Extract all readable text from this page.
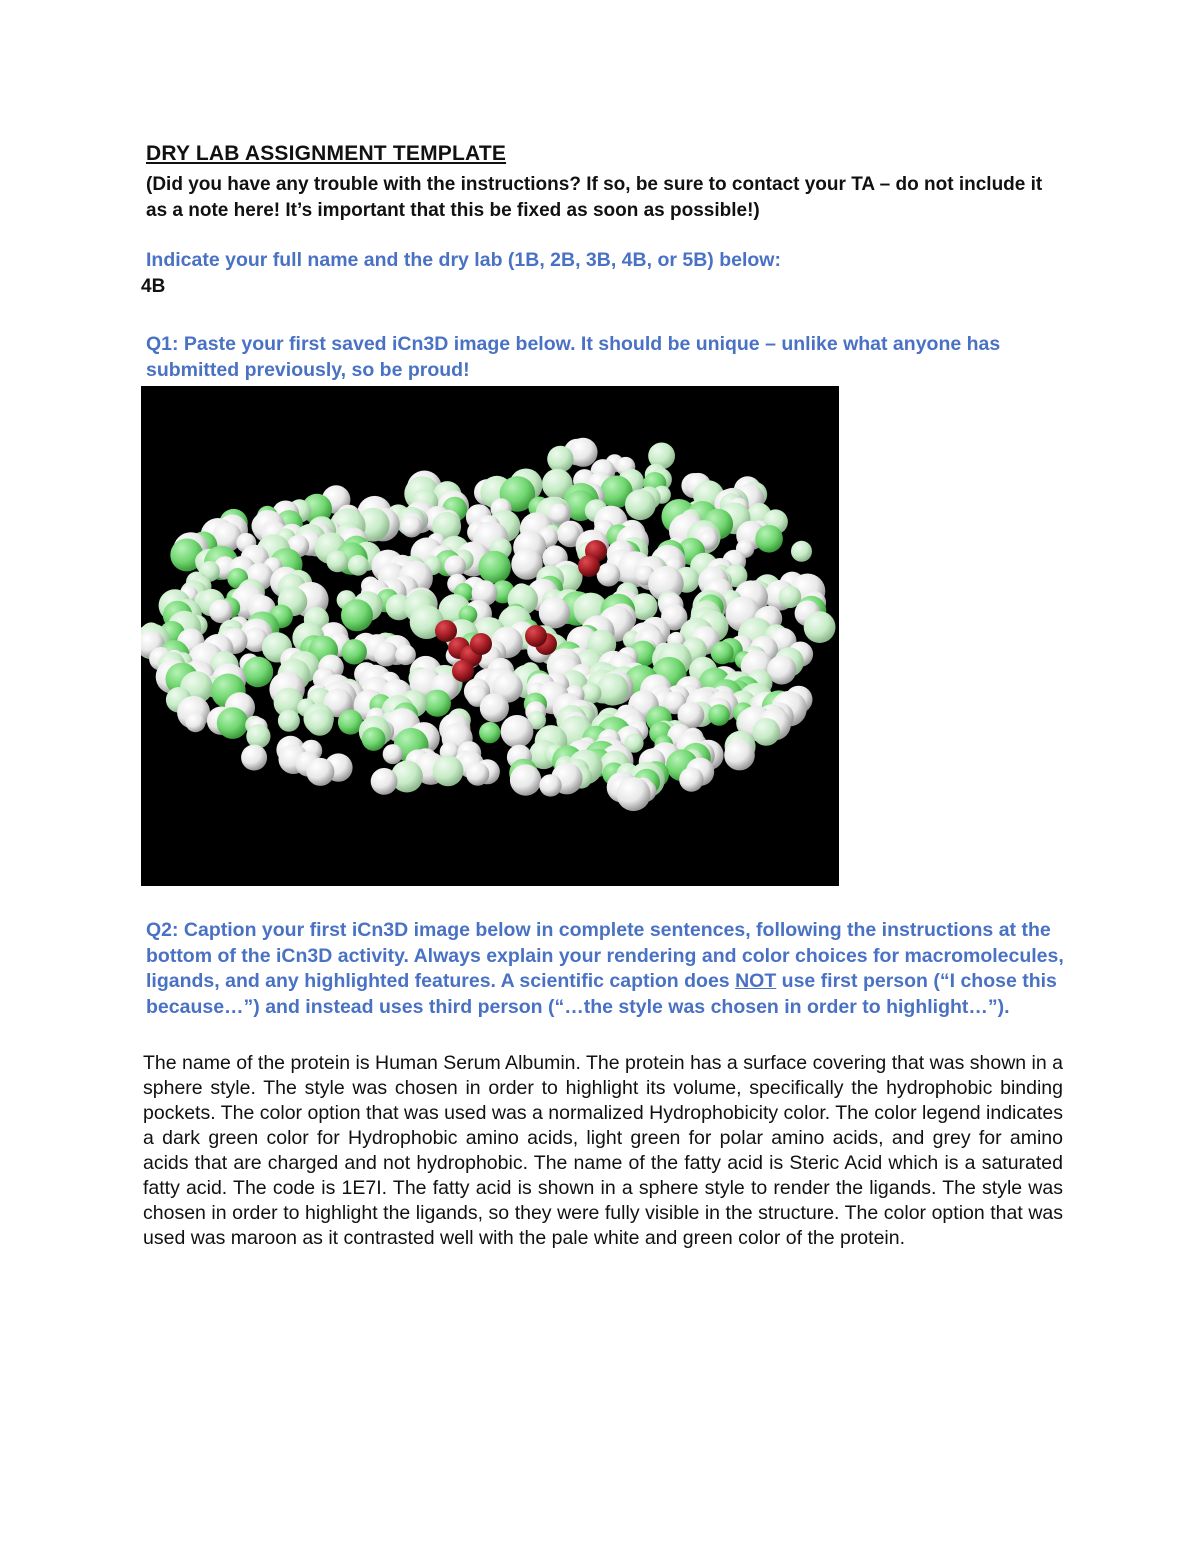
DRY LAB ASSIGNMENT TEMPLATE

(Did you have any trouble with the instructions? If so, be sure to contact your TA – do not include it as a note here! It’s important that this be fixed as soon as possible!)

Indicate your full name and the dry lab (1B, 2B, 3B, 4B, or 5B) below:

4B

Q1: Paste your first saved iCn3D image below. It should be unique – unlike what anyone has submitted previously, so be proud!

Q2: Caption your first iCn3D image below in complete sentences, following the instructions at the bottom of the iCn3D activity. Always explain your rendering and color choices for macromolecules, ligands, and any highlighted features. A scientific caption does NOT use first person (“I chose this because…”) and instead uses third person (“…the style was chosen in order to highlight…”).

The name of the protein is Human Serum Albumin. The protein has a surface covering that was shown in a sphere style. The style was chosen in order to highlight its volume, specifically the hydrophobic binding pockets. The color option that was used was a normalized Hydrophobicity color. The color legend indicates a dark green color for Hydrophobic amino acids, light green for polar amino acids, and grey for amino acids that are charged and not hydrophobic. The name of the fatty acid is Steric Acid which is a saturated fatty acid. The code is 1E7I. The fatty acid is shown in a sphere style to render the ligands. The style was chosen in order to highlight the ligands, so they were fully visible in the structure. The color option that was used was maroon as it contrasted well with the pale white and green color of the protein.
